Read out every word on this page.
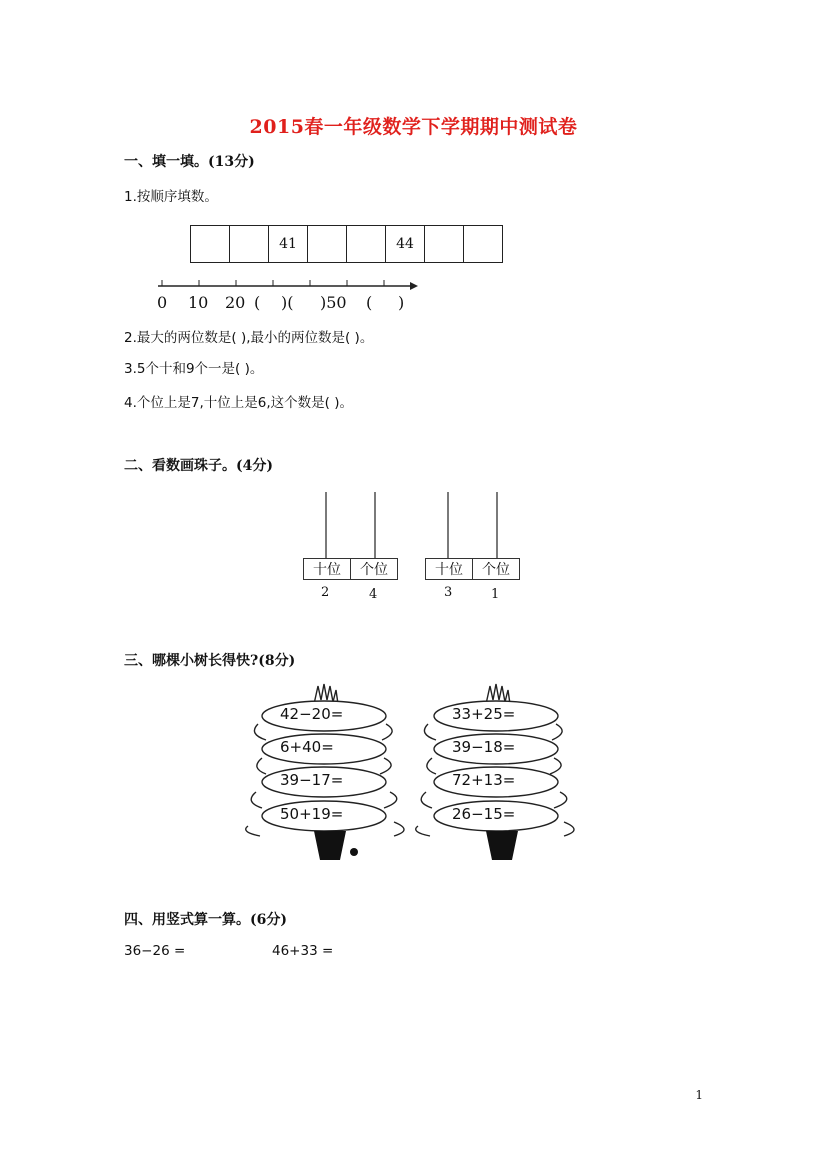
2015春一年级数学下学期期中测试卷
一、填一填。(13分)
1.按顺序填数。
		41			44		
0 10 20 ( )( )50 ( )
2.最大的两位数是( ),最小的两位数是( )。
3.5个十和9个一是( )。
4.个位上是7,十位上是6,这个数是( )。
二、看数画珠子。(4分)
十位	个位	十位	个位
2	4	3	1
三、哪棵小树长得快?(8分)
42−20=
6+40=
39−17=
50+19=
33+25=
39−18=
72+13=
26−15=
四、用竖式算一算。(6分)
36−26 =	46+33 =
1
